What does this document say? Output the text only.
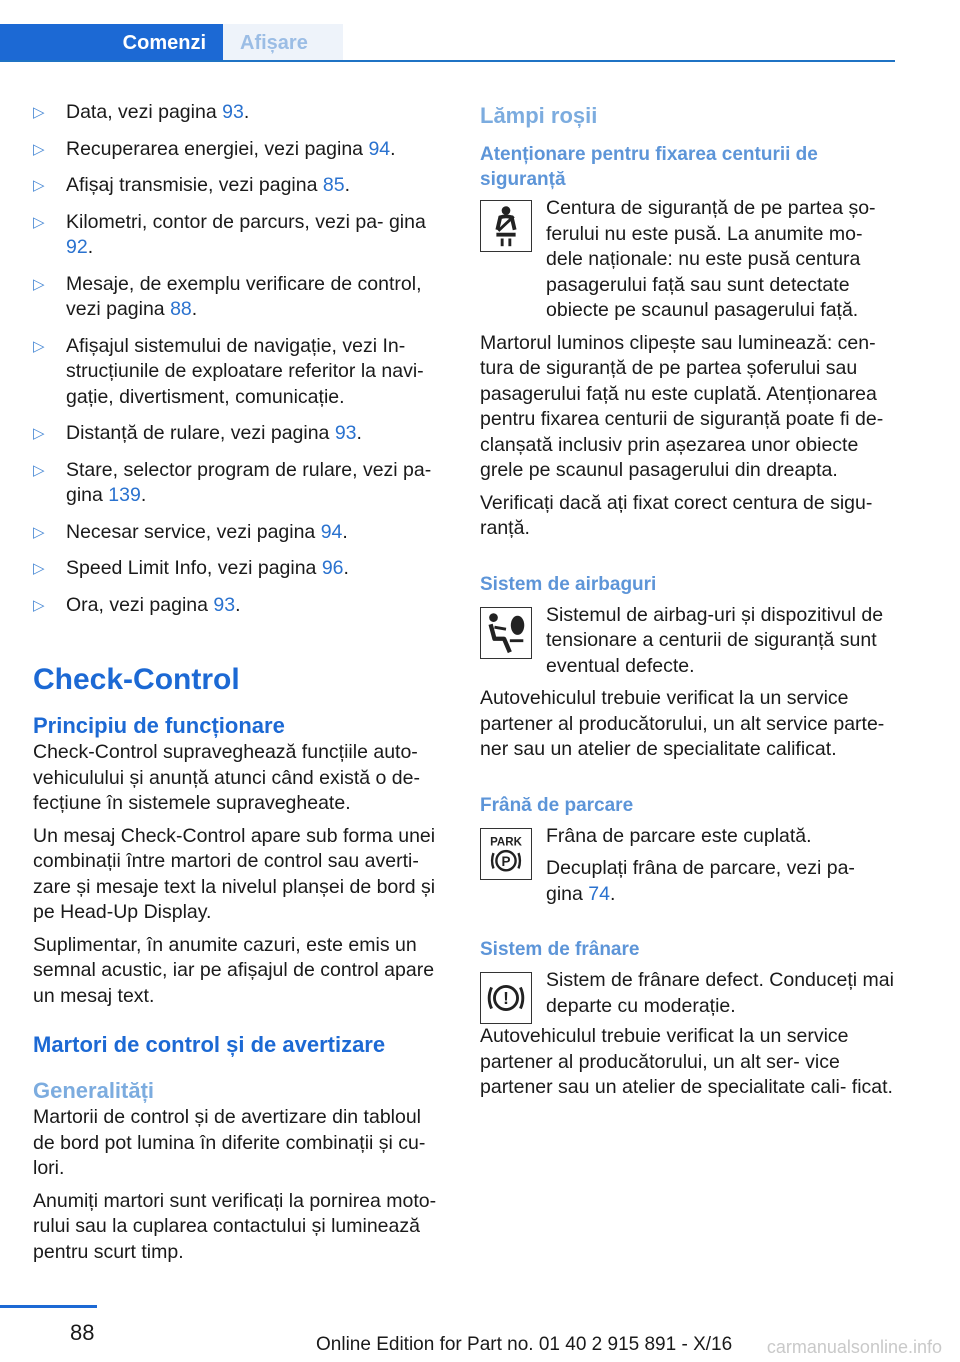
Comenzi	Afișare
▷ Data, vezi pagina 93.
▷ Recuperarea energiei, vezi pagina 94.
▷ Afișaj transmisie, vezi pagina 85.
▷ Kilometri, contor de parcurs, vezi pa‐ gina 92.
▷ Mesaje, de exemplu verificare de control, vezi pagina 88.
▷ Afișajul sistemului de navigație, vezi In‐ strucțiunile de exploatare referitor la navi‐ gație, divertisment, comunicație.
▷ Distanță de rulare, vezi pagina 93.
▷ Stare, selector program de rulare, vezi pa‐ gina 139.
▷ Necesar service, vezi pagina 94.
▷ Speed Limit Info, vezi pagina 96.
▷ Ora, vezi pagina 93.
Check-Control
Principiu de funcționare

Check-Control supraveghează funcțiile auto‐ vehiculului și anunță atunci când există o de‐ fecțiune în sistemele supravegheate.

Un mesaj Check-Control apare sub forma unei combinații între martori de control sau averti‐ zare și mesaje text la nivelul planșei de bord și pe Head-Up Display.

Suplimentar, în anumite cazuri, este emis un semnal acustic, iar pe afișajul de control apare un mesaj text.

Martori de control și de avertizare
Generalități

Martorii de control și de avertizare din tabloul de bord pot lumina în diferite combinații și cu‐ lori.

Anumiți martori sunt verificați la pornirea moto‐ rului sau la cuplarea contactului și luminează pentru scurt timp.

Lămpi roșii
Atenționare pentru fixarea centurii de siguranță

Centura de siguranță de pe partea șo‐ ferului nu este pusă. La anumite mo‐ dele naționale: nu este pusă centura pasagerului față sau sunt detectate obiecte pe scaunul pasagerului față.

Martorul luminos clipește sau luminează: cen‐ tura de siguranță de pe partea șoferului sau pasagerului față nu este cuplată. Atenționarea pentru fixarea centurii de siguranță poate fi de‐ clanșată inclusiv prin așezarea unor obiecte grele pe scaunul pasagerului din dreapta.

Verificați dacă ați fixat corect centura de sigu‐ ranță.

Sistem de airbaguri

Sistemul de airbag-uri și dispozitivul de tensionare a centurii de siguranță sunt eventual defecte.

Autovehiculul trebuie verificat la un service partener al producătorului, un alt service parte‐ ner sau un atelier de specialitate calificat.

Frână de parcare
PARK
P

Frâna de parcare este cuplată.

Decuplați frâna de parcare, vezi pa‐ gina 74.

Sistem de frânare
!

Sistem de frânare defect. Conduceți mai departe cu moderație.

Autovehiculul trebuie verificat la un service partener al producătorului, un alt ser‐ vice partener sau un atelier de specialitate cali‐ ficat.

88	Online Edition for Part no. 01 40 2 915 891 - X/16 carmanualsonline.info
